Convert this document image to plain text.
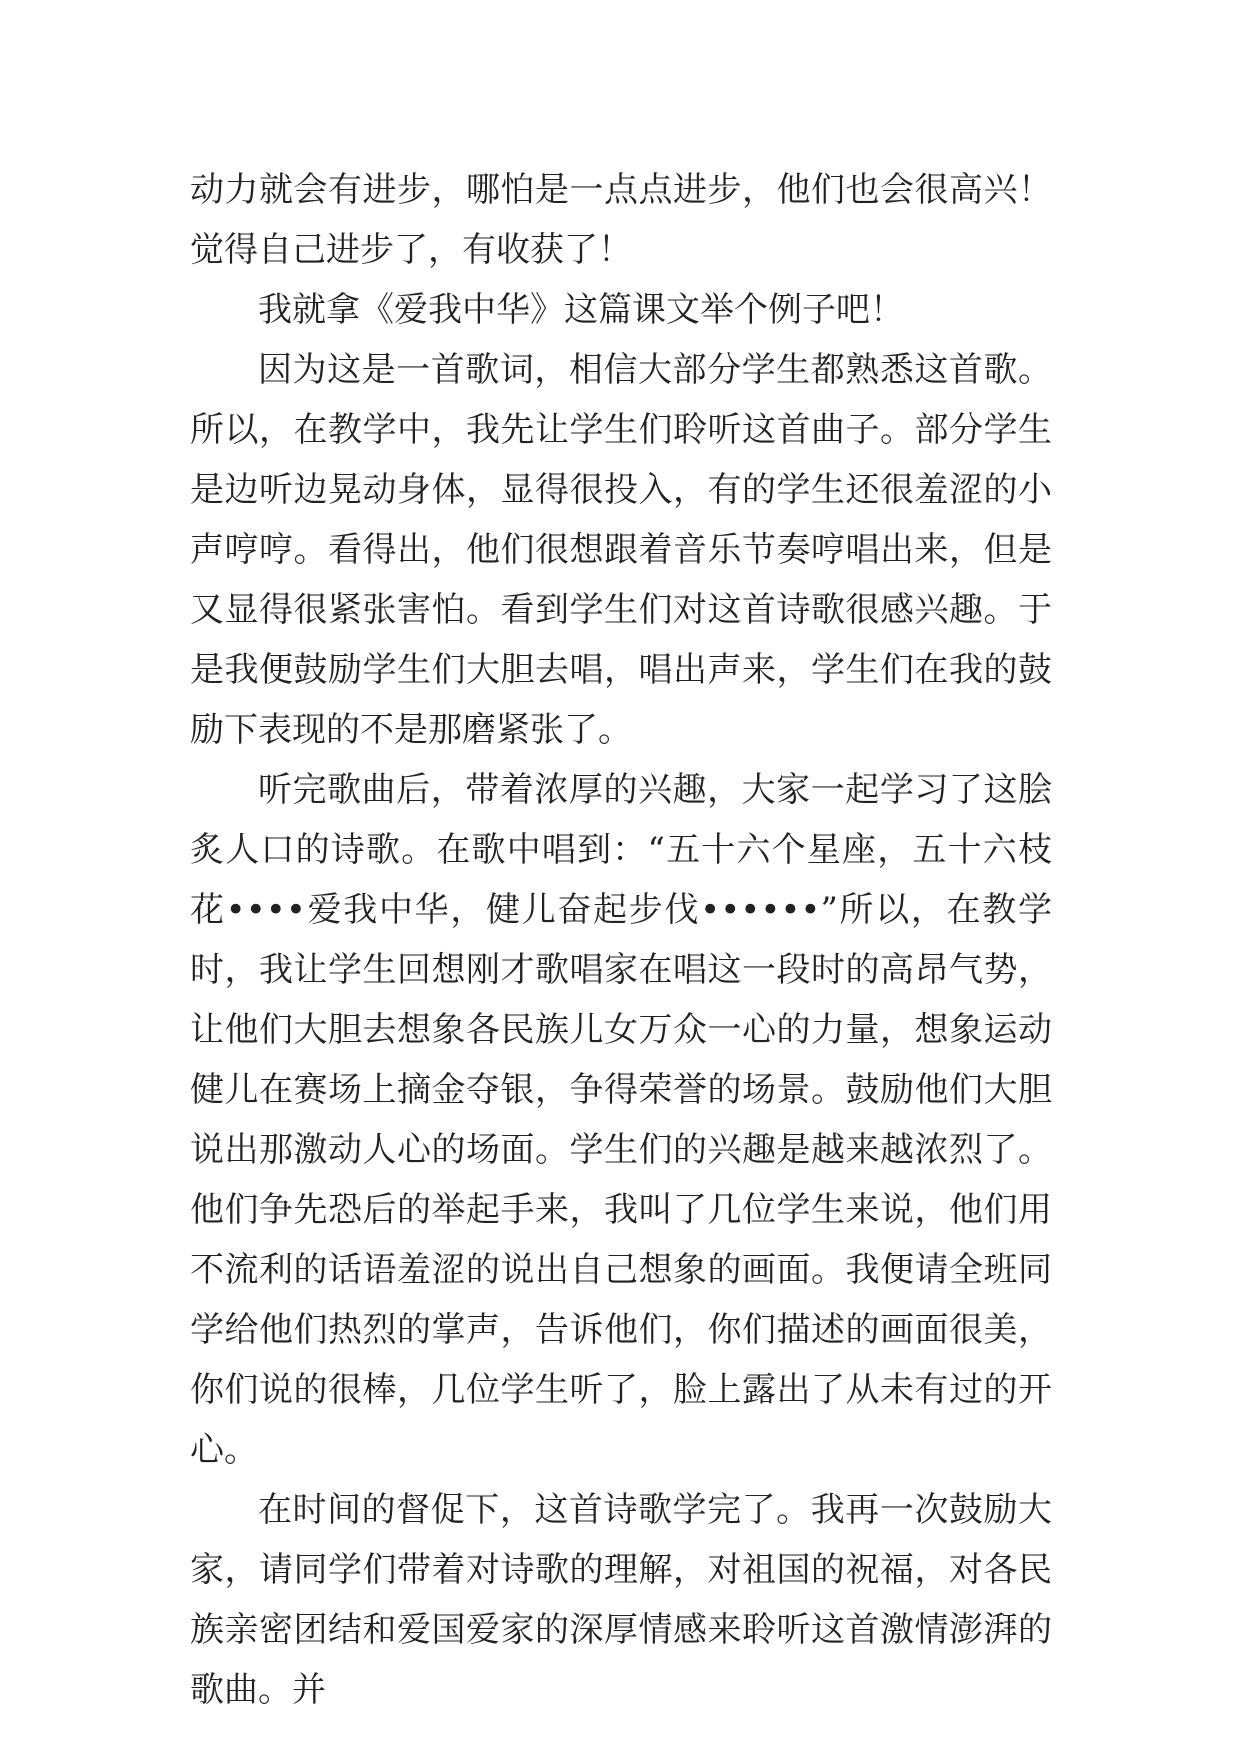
动力就会有进步，哪怕是一点点进步，他们也会很高兴！觉得自己进步了，有收获了！

我就拿《爱我中华》这篇课文举个例子吧！

因为这是一首歌词，相信大部分学生都熟悉这首歌。所以，在教学中，我先让学生们聆听这首曲子。部分学生是边听边晃动身体，显得很投入，有的学生还很羞涩的小声哼哼。看得出，他们很想跟着音乐节奏哼唱出来，但是又显得很紧张害怕。看到学生们对这首诗歌很感兴趣。于是我便鼓励学生们大胆去唱，唱出声来，学生们在我的鼓励下表现的不是那磨紧张了。

听完歌曲后，带着浓厚的兴趣，大家一起学习了这脍炙人口的诗歌。在歌中唱到：“五十六个星座，五十六枝花••••爱我中华，健儿奋起步伐••••••”所以，在教学时，我让学生回想刚才歌唱家在唱这一段时的高昂气势，让他们大胆去想象各民族儿女万众一心的力量，想象运动健儿在赛场上摘金夺银，争得荣誉的场景。鼓励他们大胆说出那激动人心的场面。学生们的兴趣是越来越浓烈了。他们争先恐后的举起手来，我叫了几位学生来说，他们用不流利的话语羞涩的说出自己想象的画面。我便请全班同学给他们热烈的掌声，告诉他们，你们描述的画面很美，你们说的很棒，几位学生听了，脸上露出了从未有过的开心。

在时间的督促下，这首诗歌学完了。我再一次鼓励大家，请同学们带着对诗歌的理解，对祖国的祝福，对各民族亲密团结和爱国爱家的深厚情感来聆听这首激情澎湃的歌曲。并
